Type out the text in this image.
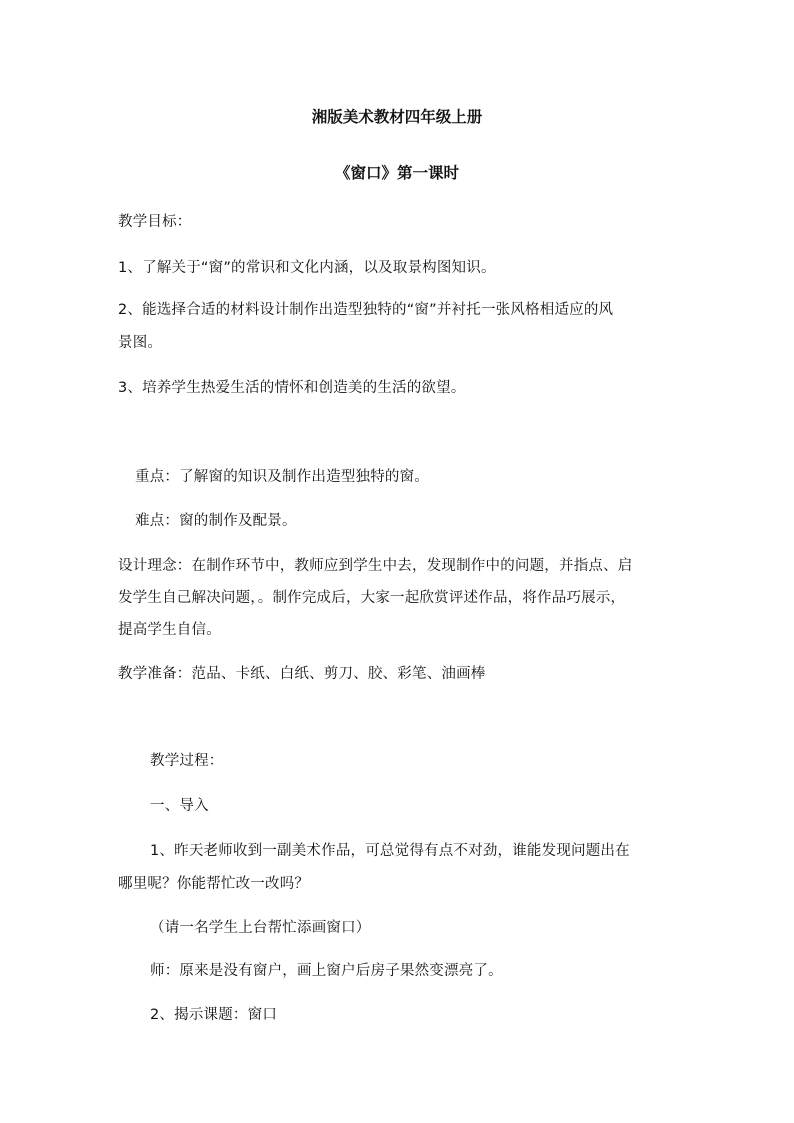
湘版美术教材四年级上册
《窗口》第一课时
教学目标：
1、了解关于“窗”的常识和文化内涵，以及取景构图知识。
2、能选择合适的材料设计制作出造型独特的“窗”并衬托一张风格相适应的风
景图。
3、培养学生热爱生活的情怀和创造美的生活的欲望。
重点：了解窗的知识及制作出造型独特的窗。
难点：窗的制作及配景。
设计理念：在制作环节中，教师应到学生中去，发现制作中的问题，并指点、启
发学生自己解决问题，。制作完成后，大家一起欣赏评述作品，将作品巧展示，
提高学生自信。
教学准备：范品、卡纸、白纸、剪刀、胶、彩笔、油画棒
教学过程：
一、导入
1、昨天老师收到一副美术作品，可总觉得有点不对劲，谁能发现问题出在
哪里呢？你能帮忙改一改吗？
（请一名学生上台帮忙添画窗口）
师：原来是没有窗户，画上窗户后房子果然变漂亮了。
2、揭示课题：窗口
